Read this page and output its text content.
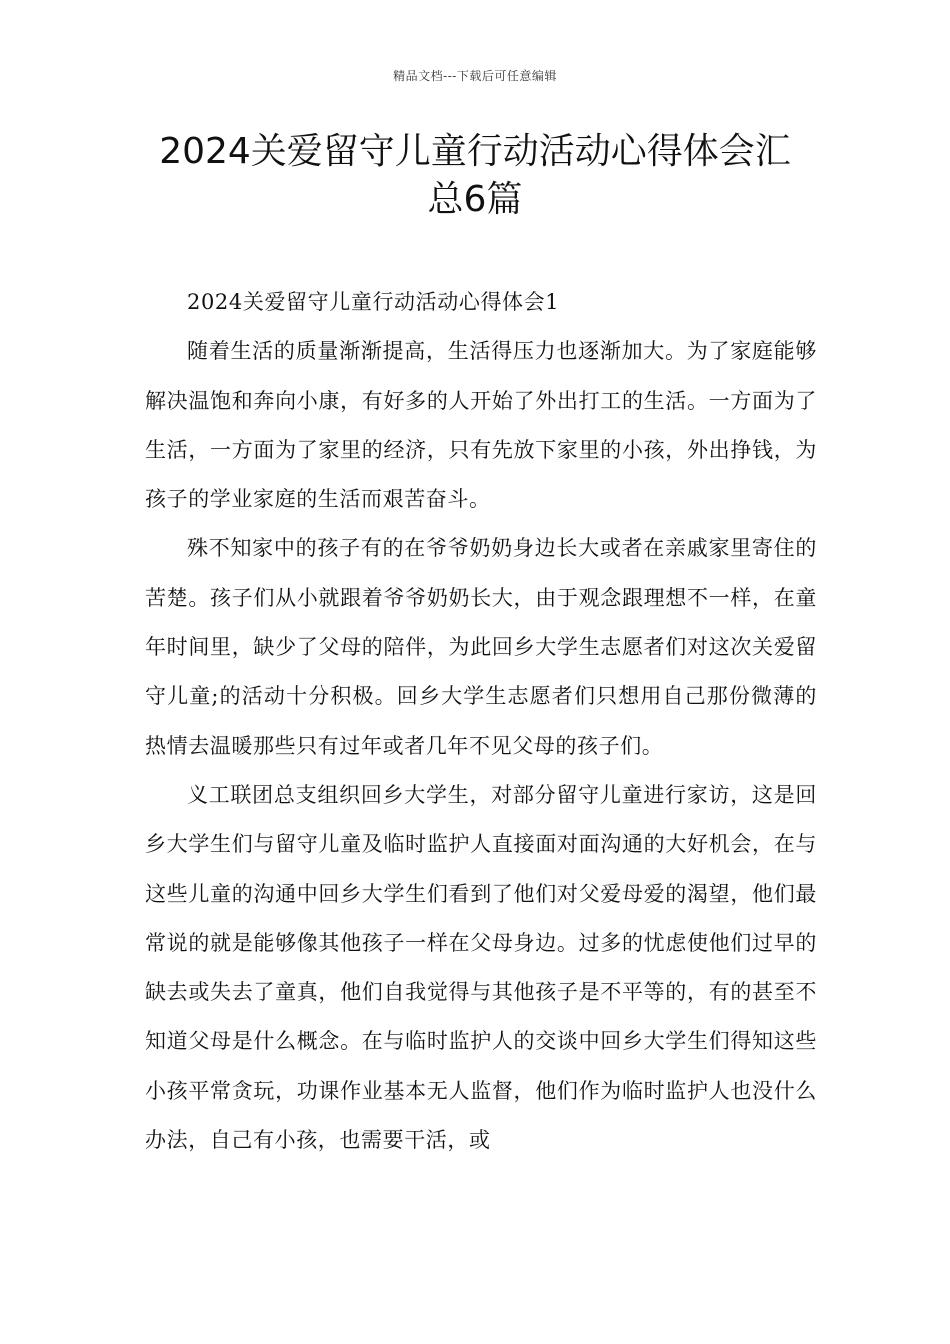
精品文档---下载后可任意编辑
2024关爱留守儿童行动活动心得体会汇
总6篇

2024关爱留守儿童行动活动心得体会1

随着生活的质量渐渐提高，生活得压力也逐渐加大。为了家庭能够解决温饱和奔向小康，有好多的人开始了外出打工的生活。一方面为了生活，一方面为了家里的经济，只有先放下家里的小孩，外出挣钱，为孩子的学业家庭的生活而艰苦奋斗。

殊不知家中的孩子有的在爷爷奶奶身边长大或者在亲戚家里寄住的苦楚。孩子们从小就跟着爷爷奶奶长大，由于观念跟理想不一样，在童年时间里，缺少了父母的陪伴，为此回乡大学生志愿者们对这次关爱留守儿童;的活动十分积极。回乡大学生志愿者们只想用自己那份微薄的热情去温暖那些只有过年或者几年不见父母的孩子们。

义工联团总支组织回乡大学生，对部分留守儿童进行家访，这是回乡大学生们与留守儿童及临时监护人直接面对面沟通的大好机会，在与这些儿童的沟通中回乡大学生们看到了他们对父爱母爱的渴望，他们最常说的就是能够像其他孩子一样在父母身边。过多的忧虑使他们过早的缺去或失去了童真，他们自我觉得与其他孩子是不平等的，有的甚至不知道父母是什么概念。在与临时监护人的交谈中回乡大学生们得知这些小孩平常贪玩，功课作业基本无人监督，他们作为临时监护人也没什么办法，自己有小孩，也需要干活，或
